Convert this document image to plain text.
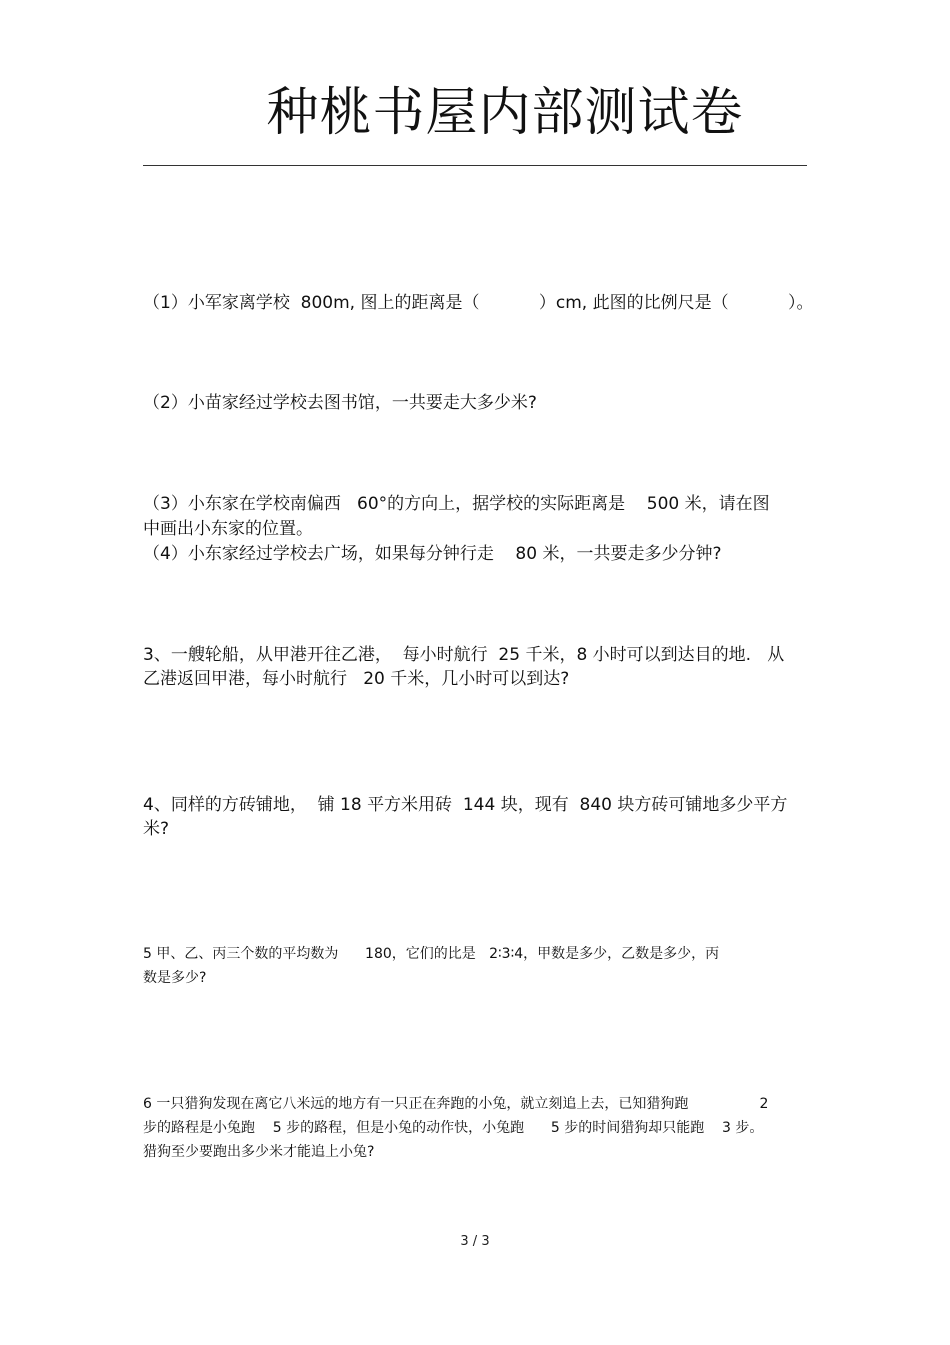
种桃书屋内部测试卷
（1）小军家离学校  800m, 图上的距离是（           ）cm, 此图的比例尺是（           ）。
（2）小苗家经过学校去图书馆，一共要走大多少米?
（3）小东家在学校南偏西   60°的方向上，据学校的实际距离是    500 米，请在图
中画出小东家的位置。
（4）小东家经过学校去广场，如果每分钟行走    80 米，一共要走多少分钟?
3、一艘轮船，从甲港开往乙港，  每小时航行  25 千米，8 小时可以到达目的地.   从
乙港返回甲港，每小时航行   20 千米，几小时可以到达?
4、同样的方砖铺地，  铺 18 平方米用砖  144 块，现有  840 块方砖可铺地多少平方
米?
5 甲、乙、丙三个数的平均数为      180，它们的比是   2∶3∶4，甲数是多少，乙数是多少，丙
数是多少?
6 一只猎狗发现在离它八米远的地方有一只正在奔跑的小兔，就立刻追上去，已知猎狗跑                2
步的路程是小兔跑    5 步的路程，但是小兔的动作快，小兔跑      5 步的时间猎狗却只能跑    3 步。
猎狗至少要跑出多少米才能追上小兔?
3 / 3
